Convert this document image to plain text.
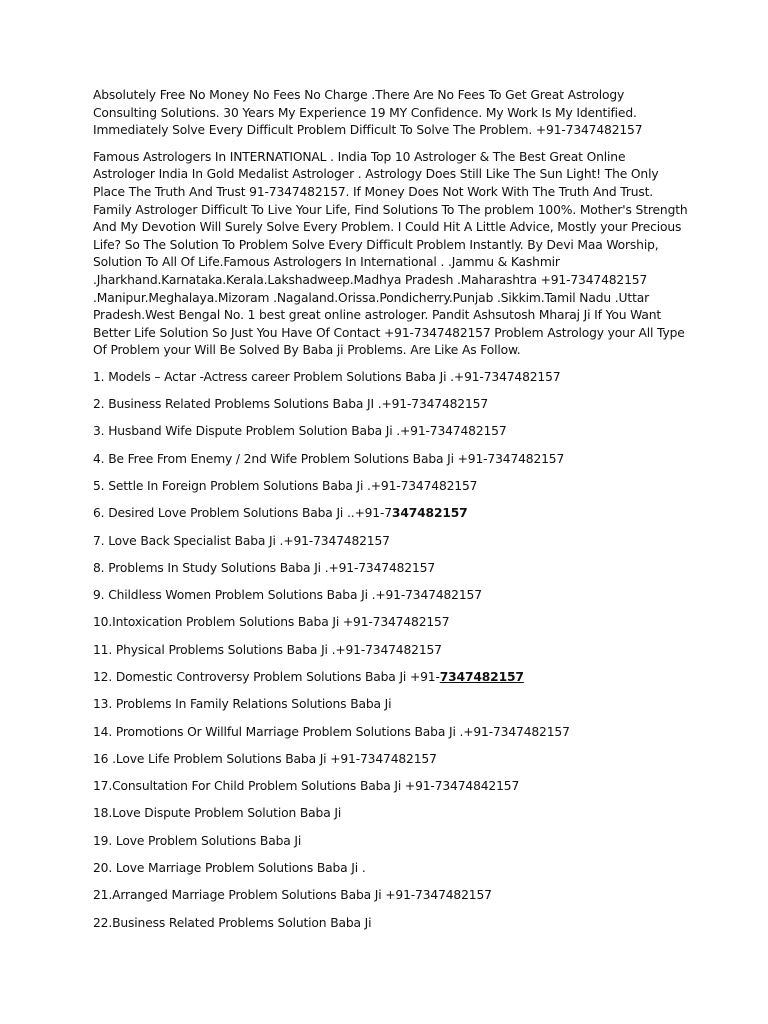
Absolutely Free No Money No Fees No Charge .There Are No Fees To Get Great Astrology Consulting Solutions. 30 Years My Experience 19 MY Confidence. My Work Is My Identified. Immediately Solve Every Difficult Problem Difficult To Solve The Problem. +91-7347482157

Famous Astrologers In INTERNATIONAL . India Top 10 Astrologer & The Best Great Online Astrologer India In Gold Medalist Astrologer . Astrology Does Still Like The Sun Light! The Only Place The Truth And Trust 91-7347482157. If Money Does Not Work With The Truth And Trust. Family Astrologer Difficult To Live Your Life, Find Solutions To The problem 100%. Mother's Strength And My Devotion Will Surely Solve Every Problem. I Could Hit A Little Advice, Mostly your Precious Life? So The Solution To Problem Solve Every Difficult Problem Instantly. By Devi Maa Worship, Solution To All Of Life.Famous Astrologers In International . .Jammu & Kashmir .Jharkhand.Karnataka.Kerala.Lakshadweep.Madhya Pradesh .Maharashtra +91-7347482157 .Manipur.Meghalaya.Mizoram .Nagaland.Orissa.Pondicherry.Punjab .Sikkim.Tamil Nadu .Uttar Pradesh.West Bengal No. 1 best great online astrologer. Pandit Ashsutosh Mharaj Ji If You Want Better Life Solution So Just You Have Of Contact +91-7347482157 Problem Astrology your All Type Of Problem your Will Be Solved By Baba ji Problems. Are Like As Follow.

1. Models – Actar -Actress career Problem Solutions Baba Ji .+91-7347482157

2. Business Related Problems Solutions Baba JI .+91-7347482157

3. Husband Wife Dispute Problem Solution Baba Ji .+91-7347482157

4. Be Free From Enemy / 2nd Wife Problem Solutions Baba Ji +91-7347482157

5. Settle In Foreign Problem Solutions Baba Ji .+91-7347482157

6. Desired Love Problem Solutions Baba Ji ..+91-7347482157

7. Love Back Specialist Baba Ji .+91-7347482157

8. Problems In Study Solutions Baba Ji .+91-7347482157

9. Childless Women Problem Solutions Baba Ji .+91-7347482157

10.Intoxication Problem Solutions Baba Ji +91-7347482157

11. Physical Problems Solutions Baba Ji .+91-7347482157

12. Domestic Controversy Problem Solutions Baba Ji +91-7347482157

13. Problems In Family Relations Solutions Baba Ji

14. Promotions Or Willful Marriage Problem Solutions Baba Ji .+91-7347482157

16 .Love Life Problem Solutions Baba Ji +91-7347482157

17.Consultation For Child Problem Solutions Baba Ji +91-73474842157

18.Love Dispute Problem Solution Baba Ji

19. Love Problem Solutions Baba Ji

20. Love Marriage Problem Solutions Baba Ji .

21.Arranged Marriage Problem Solutions Baba Ji +91-7347482157

22.Business Related Problems Solution Baba Ji
